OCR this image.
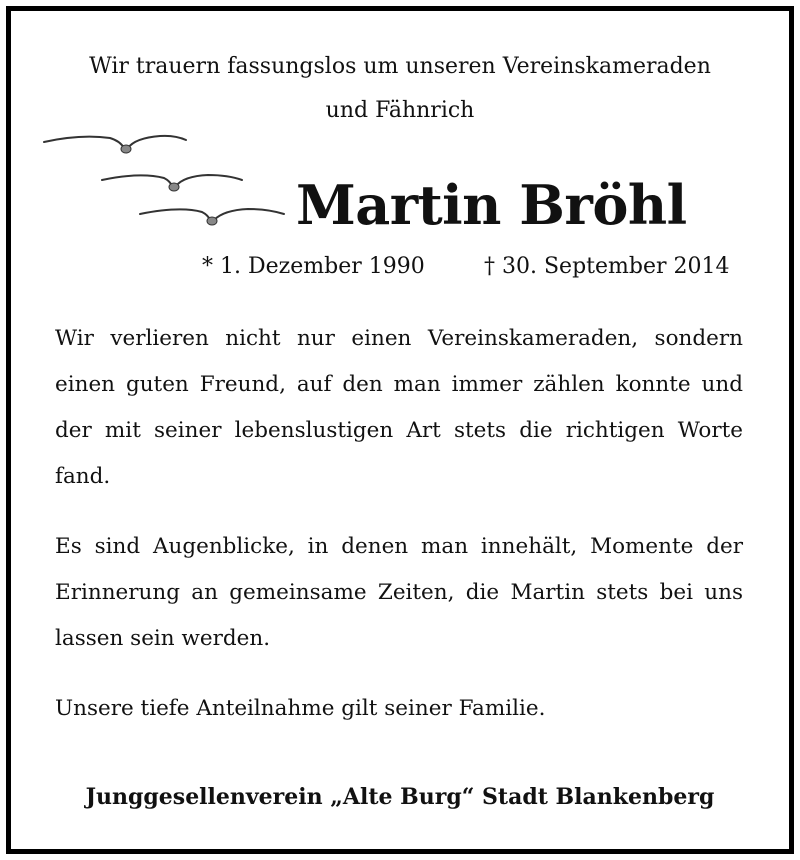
Wir trauern fassungslos um unseren Vereinskameraden
und Fähnrich
Martin Bröhl
* 1. Dezember 1990	† 30. September 2014

Wir verlieren nicht nur einen Vereinskameraden, sondern einen guten Freund, auf den man immer zählen konnte und der mit seiner lebenslustigen Art stets die richtigen Worte fand.

Es sind Augenblicke, in denen man innehält, Momente der Erinnerung an gemeinsame Zeiten, die Martin stets bei uns lassen sein werden.

Unsere tiefe Anteilnahme gilt seiner Familie.

Junggesellenverein „Alte Burg“ Stadt Blankenberg
